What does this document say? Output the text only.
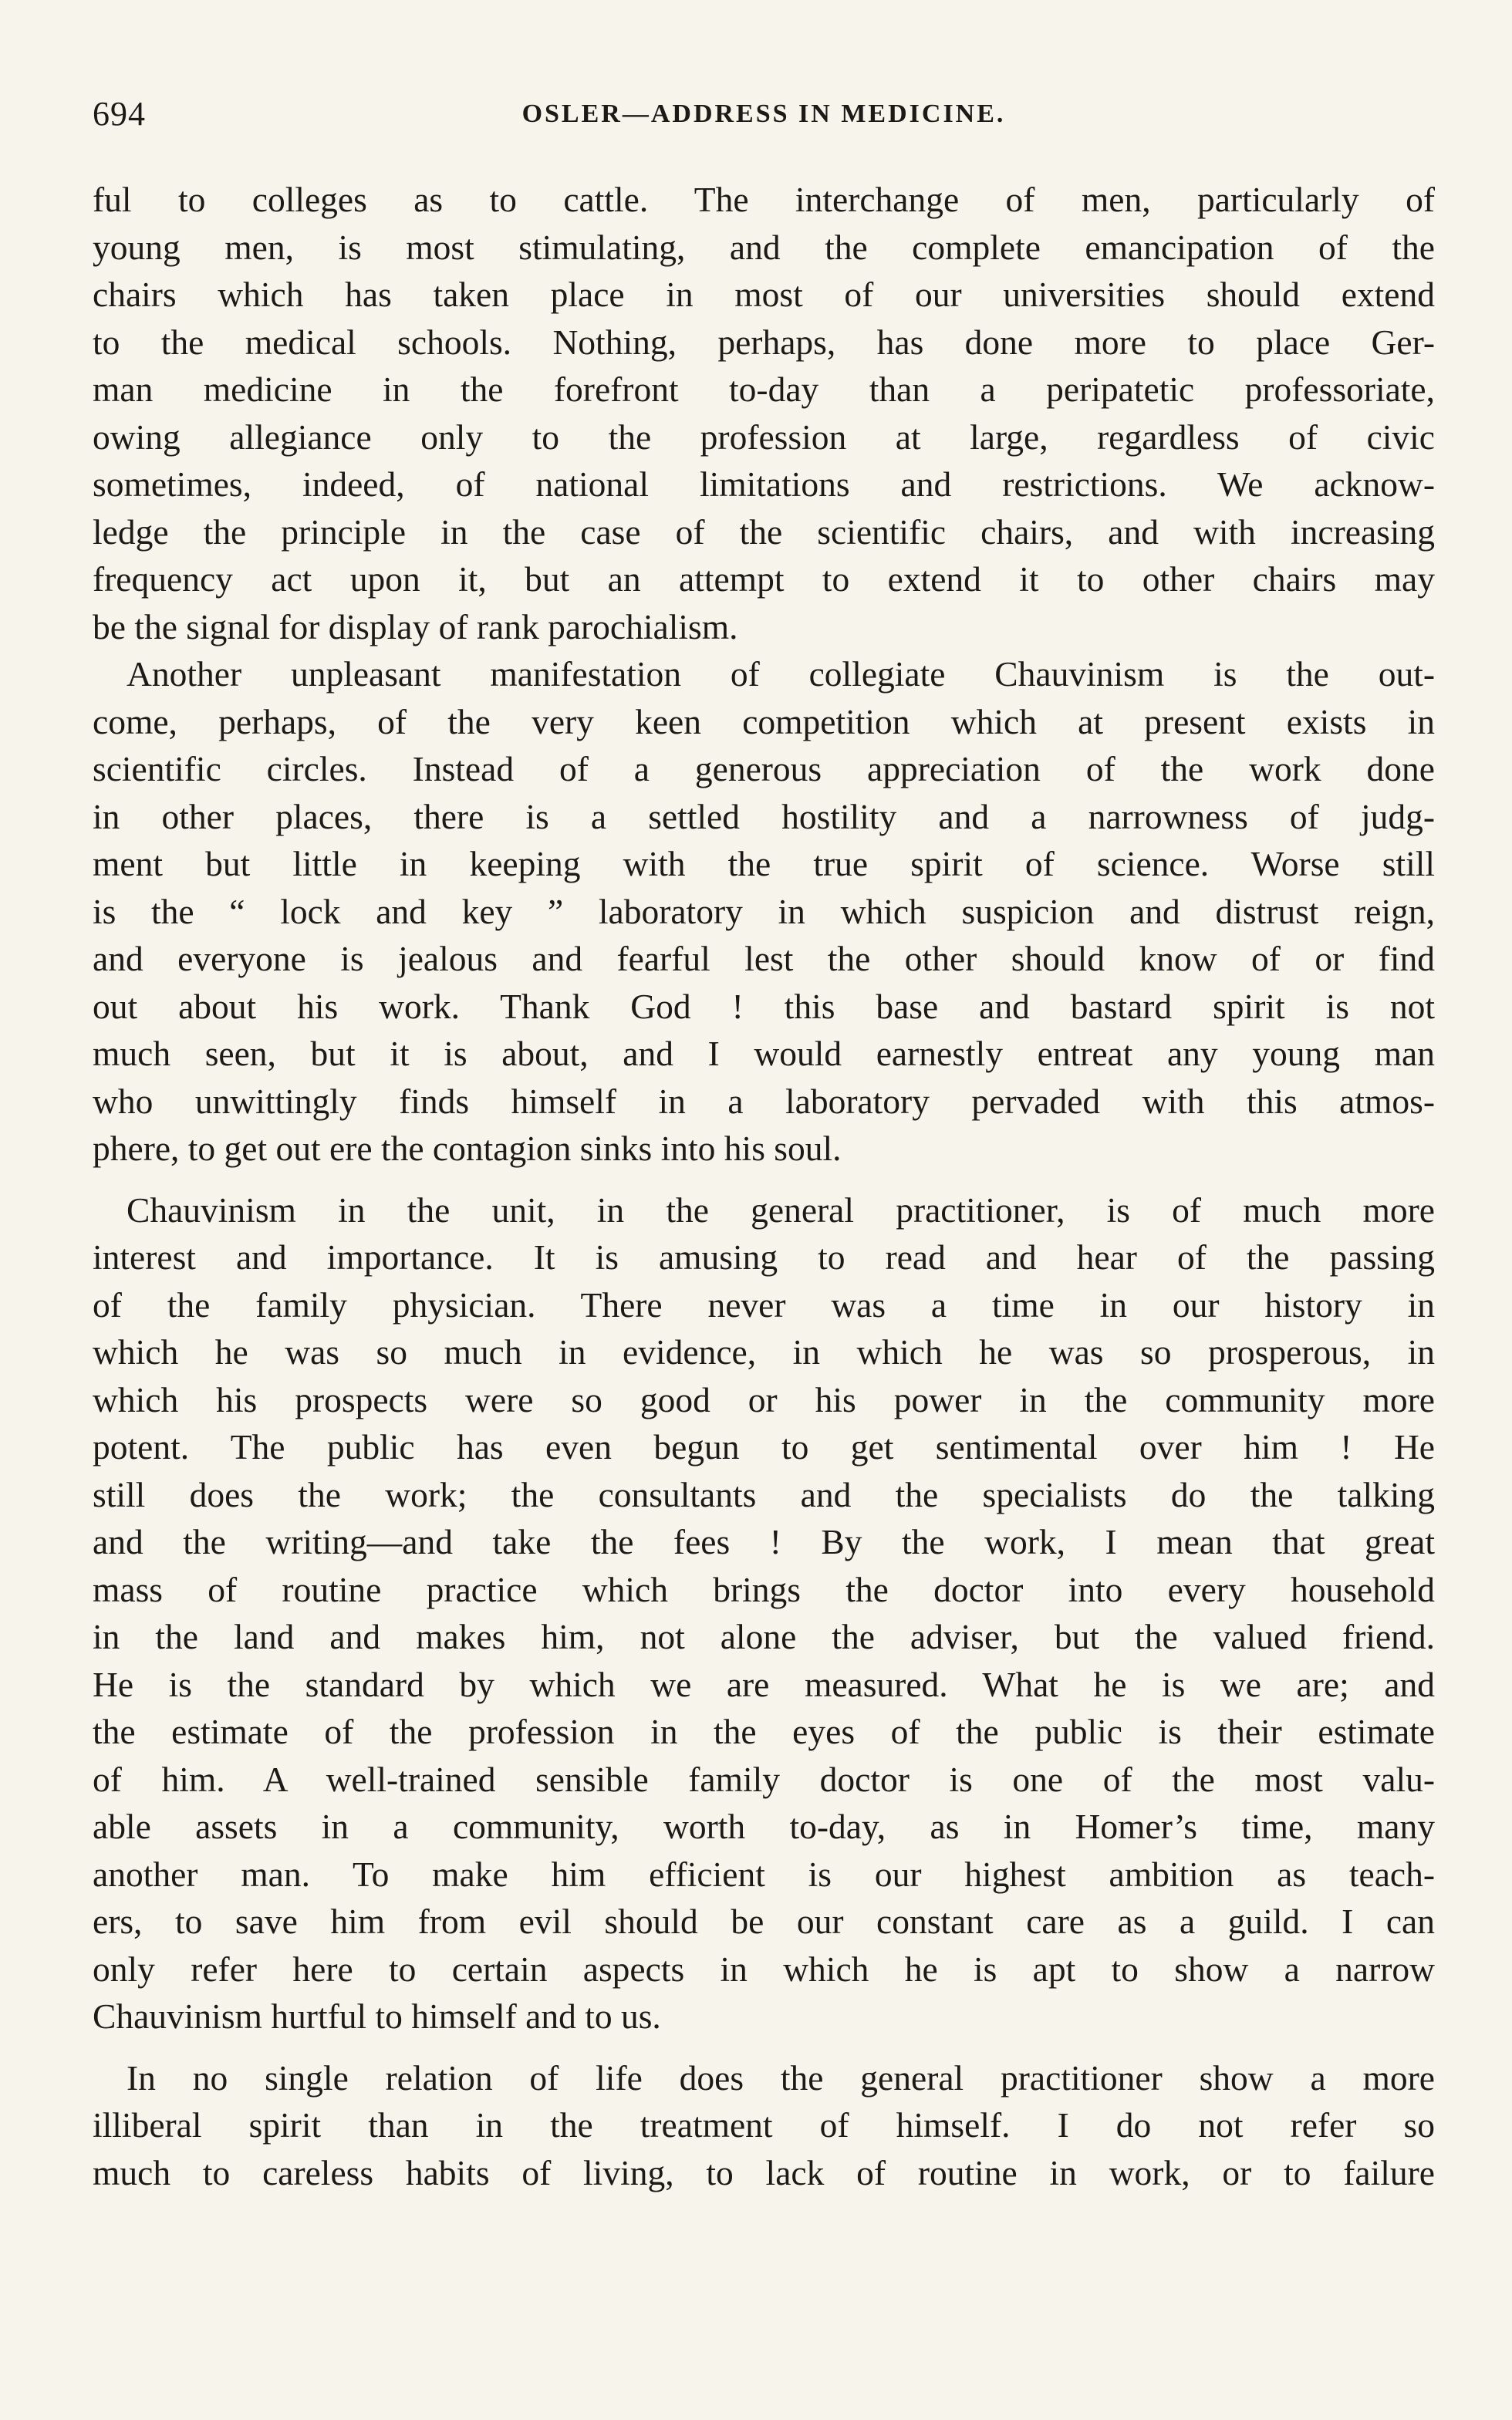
694	OSLER—ADDRESS IN MEDICINE.
ful to colleges as to cattle. The interchange of men, particularly of
young men, is most stimulating, and the complete emancipation of the
chairs which has taken place in most of our universities should extend
to the medical schools. Nothing, perhaps, has done more to place Ger-
man medicine in the forefront to-day than a peripatetic professoriate,
owing allegiance only to the profession at large, regardless of civic
sometimes, indeed, of national limitations and restrictions. We acknow-
ledge the principle in the case of the scientific chairs, and with increasing
frequency act upon it, but an attempt to extend it to other chairs may
be the signal for display of rank parochialism.
Another unpleasant manifestation of collegiate Chauvinism is the out-
come, perhaps, of the very keen competition which at present exists in
scientific circles. Instead of a generous appreciation of the work done
in other places, there is a settled hostility and a narrowness of judg-
ment but little in keeping with the true spirit of science. Worse still
is the “ lock and key ” laboratory in which suspicion and distrust reign,
and everyone is jealous and fearful lest the other should know of or find
out about his work. Thank God ! this base and bastard spirit is not
much seen, but it is about, and I would earnestly entreat any young man
who unwittingly finds himself in a laboratory pervaded with this atmos-
phere, to get out ere the contagion sinks into his soul.
Chauvinism in the unit, in the general practitioner, is of much more
interest and importance. It is amusing to read and hear of the passing
of the family physician. There never was a time in our history in
which he was so much in evidence, in which he was so prosperous, in
which his prospects were so good or his power in the community more
potent. The public has even begun to get sentimental over him ! He
still does the work; the consultants and the specialists do the talking
and the writing—and take the fees ! By the work, I mean that great
mass of routine practice which brings the doctor into every household
in the land and makes him, not alone the adviser, but the valued friend.
He is the standard by which we are measured. What he is we are; and
the estimate of the profession in the eyes of the public is their estimate
of him. A well-trained sensible family doctor is one of the most valu-
able assets in a community, worth to-day, as in Homer’s time, many
another man. To make him efficient is our highest ambition as teach-
ers, to save him from evil should be our constant care as a guild. I can
only refer here to certain aspects in which he is apt to show a narrow
Chauvinism hurtful to himself and to us.
In no single relation of life does the general practitioner show a more
illiberal spirit than in the treatment of himself. I do not refer so
much to careless habits of living, to lack of routine in work, or to failure
